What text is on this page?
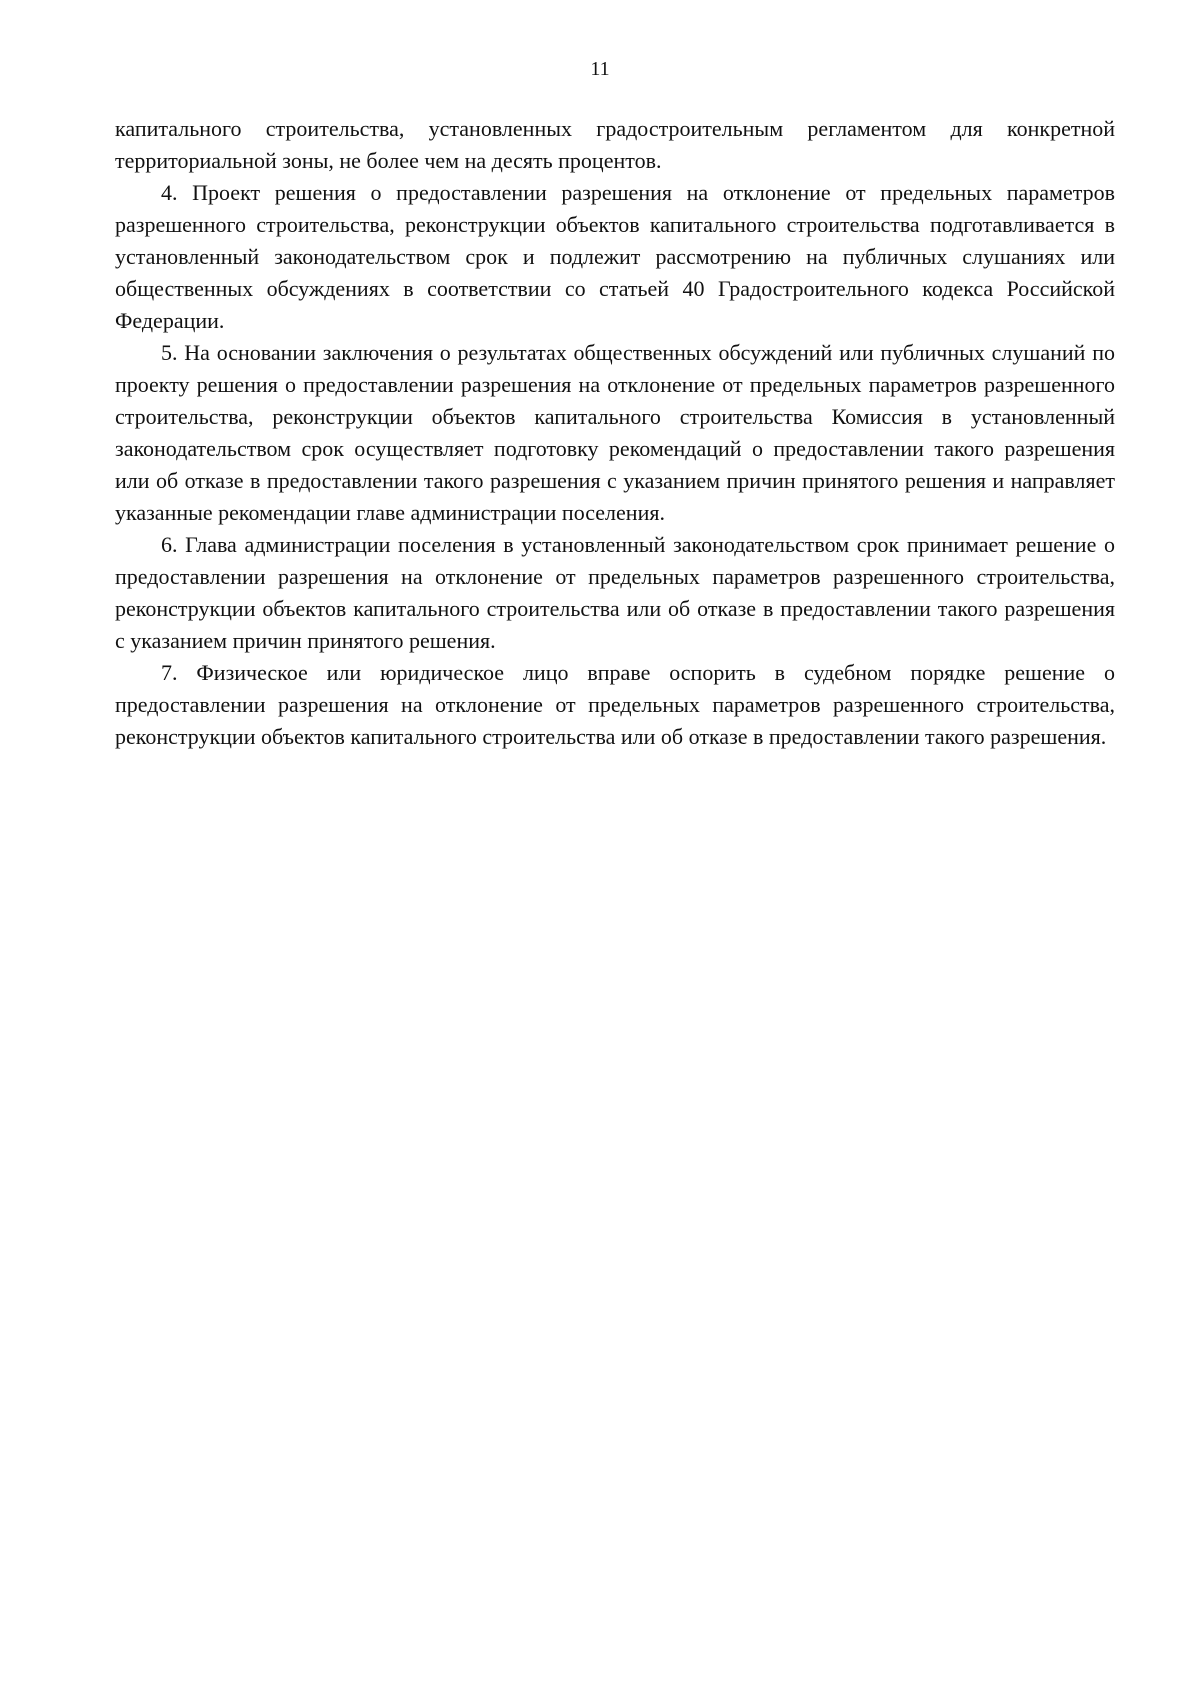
11

капитального строительства, установленных градостроительным регламентом для конкретной территориальной зоны, не более чем на десять процентов.

4. Проект решения о предоставлении разрешения на отклонение от предельных параметров разрешенного строительства, реконструкции объектов капитального строительства подготавливается в установленный законодательством срок и подлежит рассмотрению на публичных слушаниях или общественных обсуждениях в соответствии со статьей 40 Градостроительного кодекса Российской Федерации.

5. На основании заключения о результатах общественных обсуждений или публичных слушаний по проекту решения о предоставлении разрешения на отклонение от предельных параметров разрешенного строительства, реконструкции объектов капитального строительства Комиссия в установленный законодательством срок осуществляет подготовку рекомендаций о предоставлении такого разрешения или об отказе в предоставлении такого разрешения с указанием причин принятого решения и направляет указанные рекомендации главе администрации поселения.

6. Глава администрации поселения в установленный законодательством срок принимает решение о предоставлении разрешения на отклонение от предельных параметров разрешенного строительства, реконструкции объектов капитального строительства или об отказе в предоставлении такого разрешения с указанием причин принятого решения.

7. Физическое или юридическое лицо вправе оспорить в судебном порядке решение о предоставлении разрешения на отклонение от предельных параметров разрешенного строительства, реконструкции объектов капитального строительства или об отказе в предоставлении такого разрешения.
